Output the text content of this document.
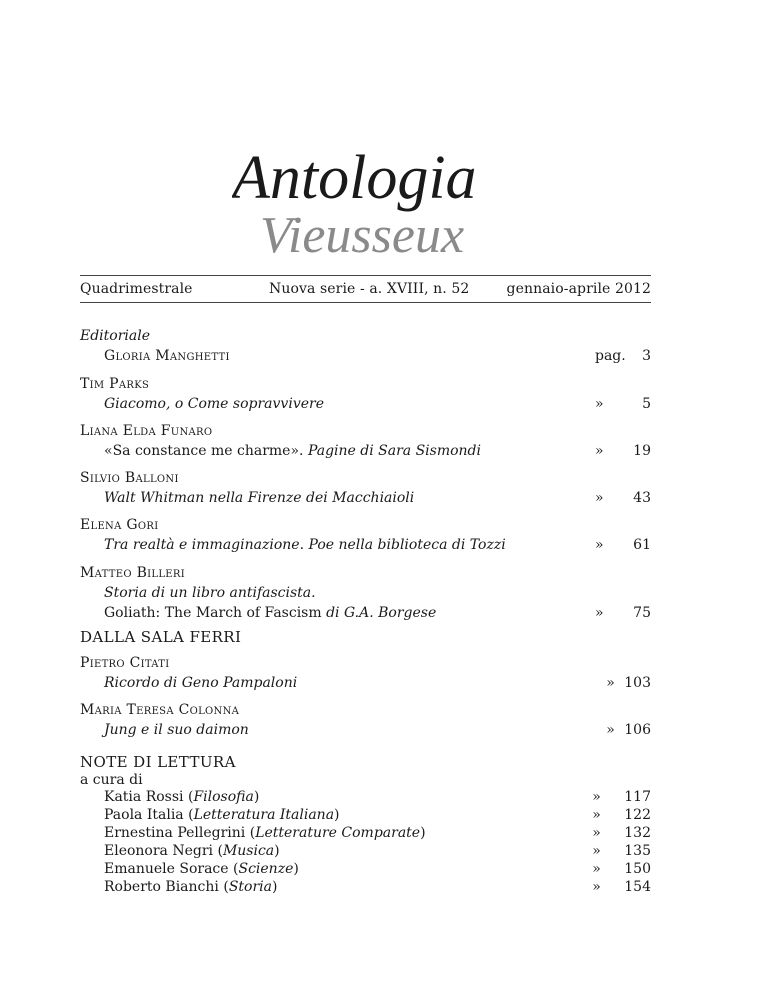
Antologia
Vieusseux
Quadrimestrale	Nuova serie - a. XVIII, n. 52	gennaio-aprile 2012
Editoriale
Gloria Manghetti	pag. 3
Tim Parks
Giacomo, o Come sopravvivere	»	5
Liana Elda Funaro
«Sa constance me charme». Pagine di Sara Sismondi	» 19
Silvio Balloni
Walt Whitman nella Firenze dei Macchiaioli	» 43
Elena Gori
Tra realtà e immaginazione. Poe nella biblioteca di Tozzi	» 61
Matteo Billeri
Storia di un libro antifascista.
Goliath: The March of Fascism di G.A. Borgese	» 75
DALLA SALA FERRI
Pietro Citati
Ricordo di Geno Pampaloni	» 103
Maria Teresa Colonna
Jung e il suo daimon	» 106
NOTE DI LETTURA
a cura di
Katia Rossi (Filosofia)	» 117
Paola Italia (Letteratura Italiana)	» 122
Ernestina Pellegrini (Letterature Comparate)	» 132
Eleonora Negri (Musica)	» 135
Emanuele Sorace (Scienze)	» 150
Roberto Bianchi (Storia)	» 154
